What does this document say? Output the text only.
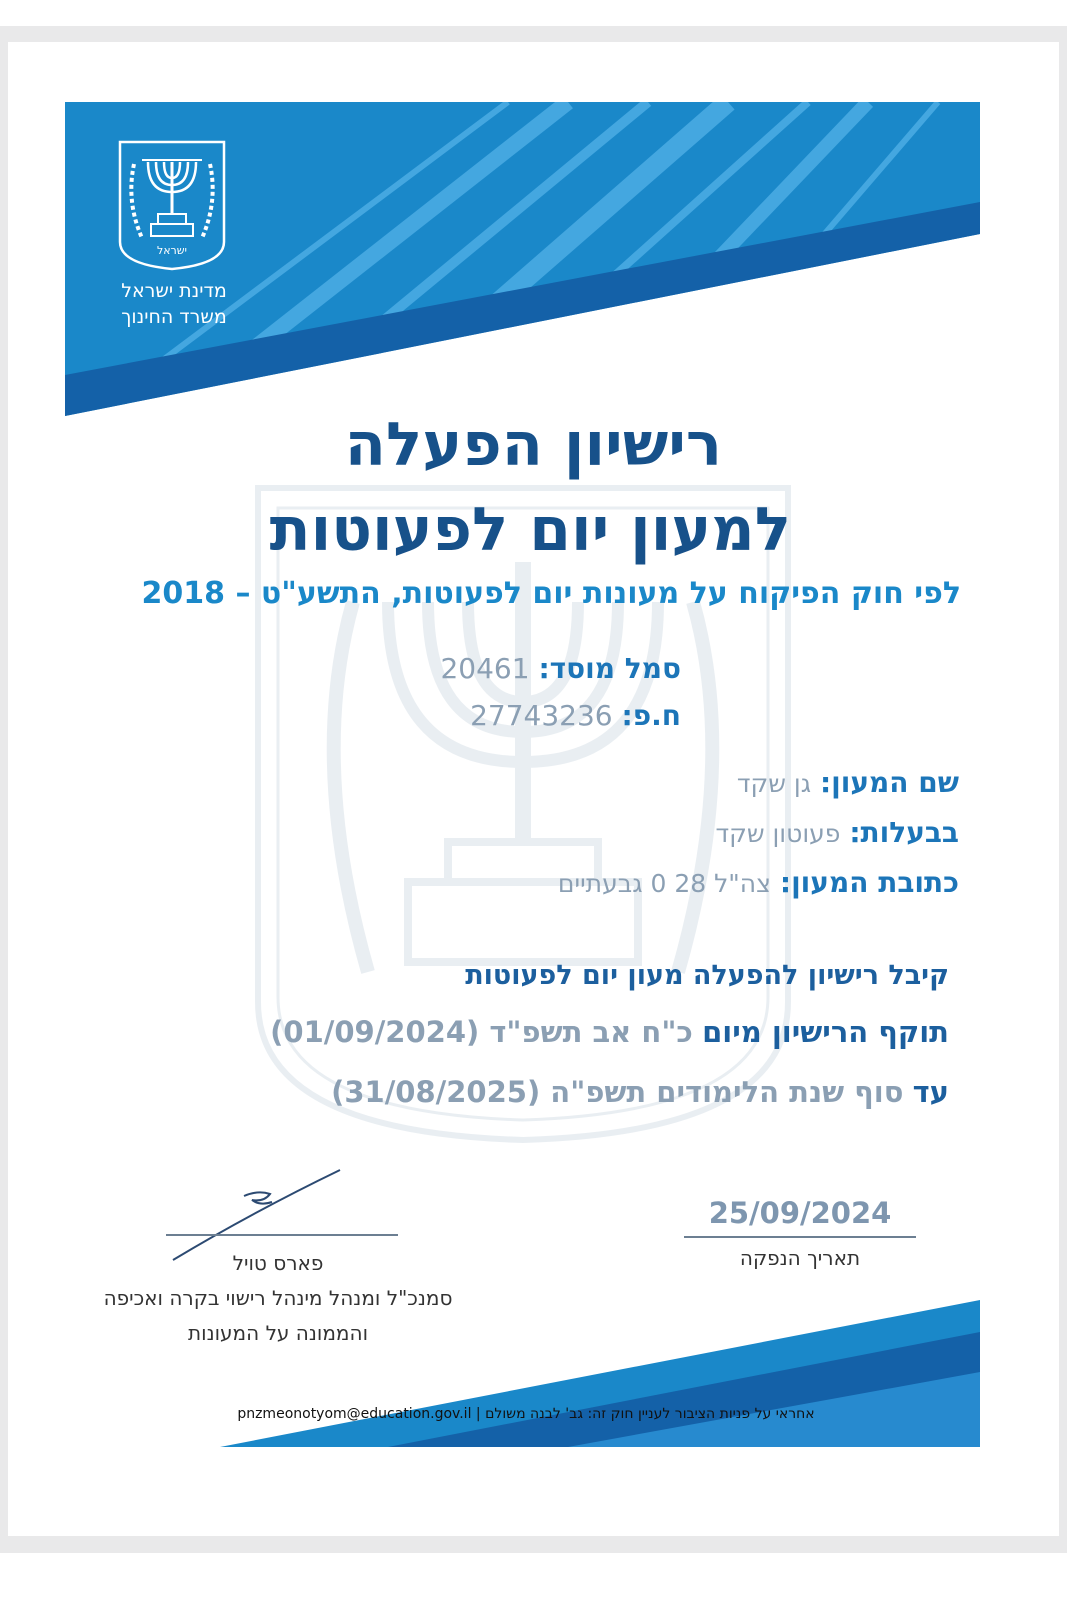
ישראל
מדינת ישראל
משרד החינוך
רישיון הפעלה
למעון יום לפעוטות
לפי חוק הפיקוח על מעונות יום לפעוטות, התשע"ט – 2018
סמל מוסד: 20461
ח.פ: 27743236
שם המעון: גן שקד
בבעלות: פעוטון שקד
כתובת המעון: צה"ל 28 0 גבעתיים
קיבל רישיון להפעלה מעון יום לפעוטות
תוקף הרישיון מיום כ"ח אב תשפ"ד (01/09/2024)
עד סוף שנת הלימודים תשפ"ה (31/08/2025)
25/09/2024
תאריך הנפקה
פארס טויל
סמנכ"ל ומנהל מינהל רישוי בקרה ואכיפה
והממונה על המעונות
אחראי על פניות הציבור לעניין חוק זה: גב' לבנה משולם | pnzmeonotyom@education.gov.il
